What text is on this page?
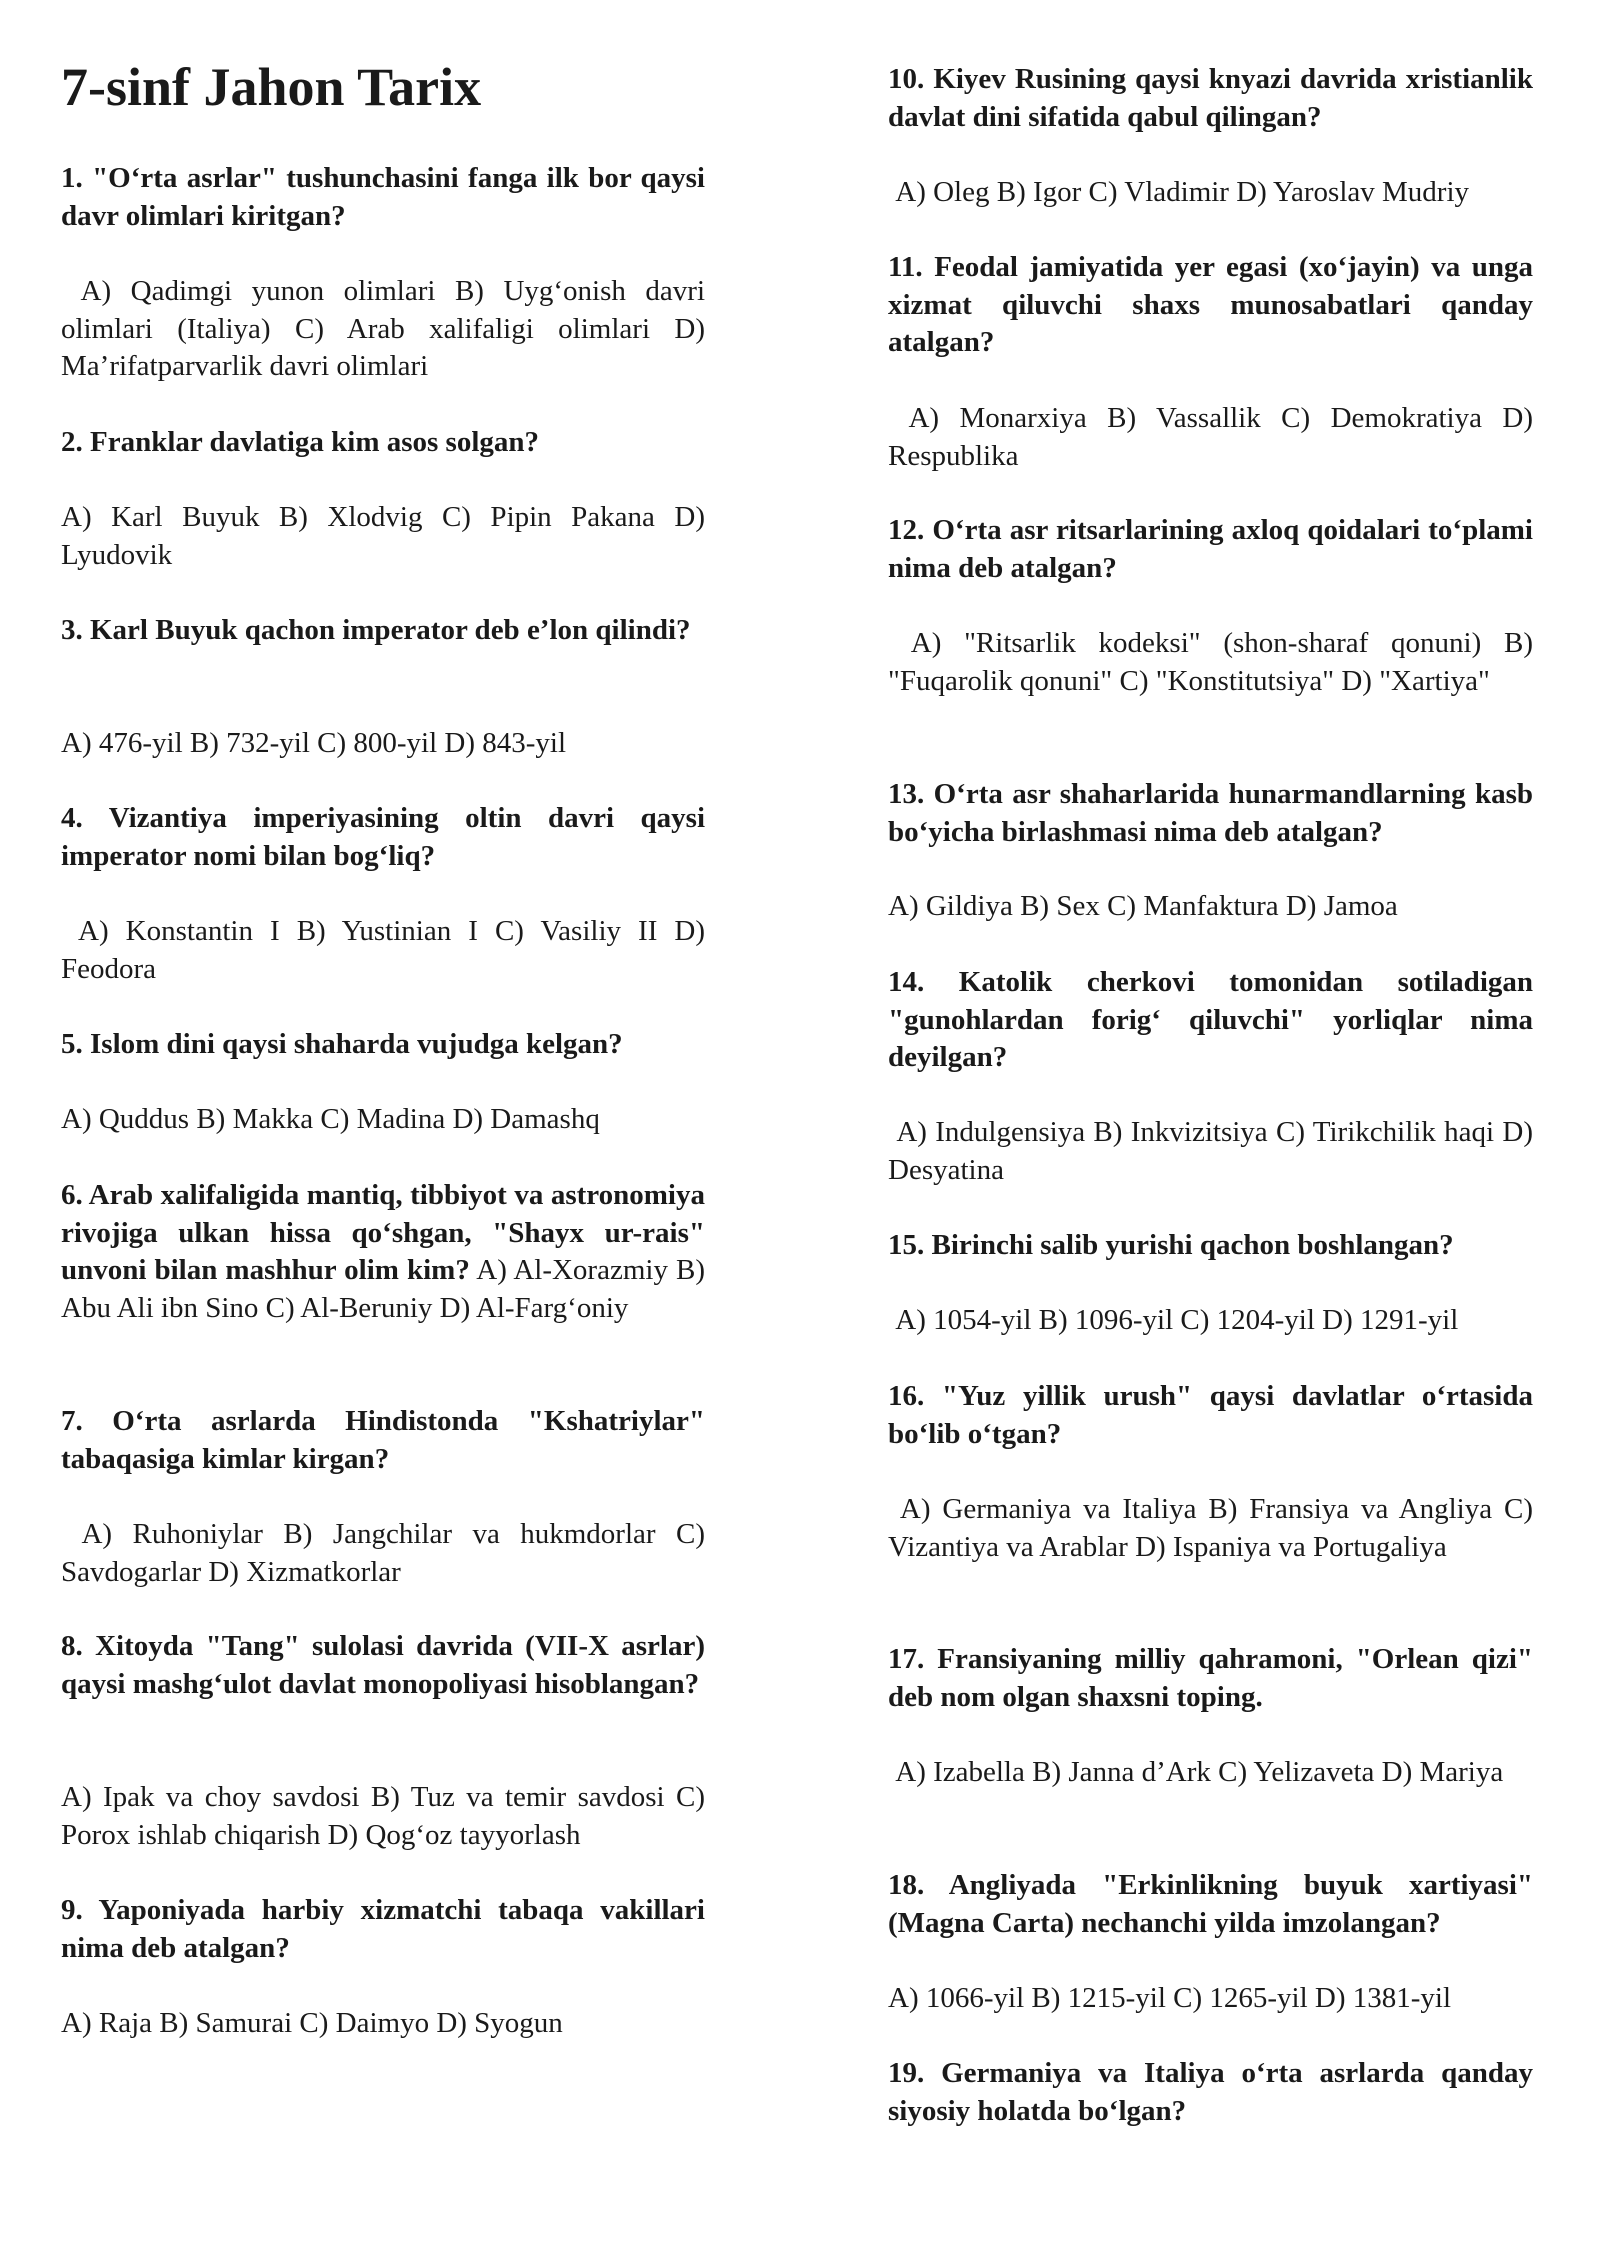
7-sinf Jahon Tarix
1. "O‘rta asrlar" tushunchasini fanga ilk bor qaysi davr olimlari kiritgan?
A) Qadimgi yunon olimlari B) Uyg‘onish davri olimlari (Italiya) C) Arab xalifaligi olimlari D) Ma’rifatparvarlik davri olimlari
2. Franklar davlatiga kim asos solgan?
A) Karl Buyuk B) Xlodvig C) Pipin Pakana D) Lyudovik
3. Karl Buyuk qachon imperator deb e’lon qilindi?
A) 476-yil B) 732-yil C) 800-yil D) 843-yil
4. Vizantiya imperiyasining oltin davri qaysi imperator nomi bilan bog‘liq?
A) Konstantin I B) Yustinian I C) Vasiliy II D) Feodora
5. Islom dini qaysi shaharda vujudga kelgan?
A) Quddus B) Makka C) Madina D) Damashq
6. Arab xalifaligida mantiq, tibbiyot va astronomiya rivojiga ulkan hissa qo‘shgan, "Shayx ur-rais" unvoni bilan mashhur olim kim? A) Al-Xorazmiy B) Abu Ali ibn Sino C) Al-Beruniy D) Al-Farg‘oniy
7. O‘rta asrlarda Hindistonda "Kshatriylar" tabaqasiga kimlar kirgan?
A) Ruhoniylar B) Jangchilar va hukmdorlar C) Savdogarlar D) Xizmatkorlar
8. Xitoyda "Tang" sulolasi davrida (VII-X asrlar) qaysi mashg‘ulot davlat monopoliyasi hisoblangan?
A) Ipak va choy savdosi B) Tuz va temir savdosi C) Porox ishlab chiqarish D) Qog‘oz tayyorlash
9. Yaponiyada harbiy xizmatchi tabaqa vakillari nima deb atalgan?
A) Raja B) Samurai C) Daimyo D) Syogun
10. Kiyev Rusining qaysi knyazi davrida xristianlik davlat dini sifatida qabul qilingan?
A) Oleg B) Igor C) Vladimir D) Yaroslav Mudriy
11. Feodal jamiyatida yer egasi (xo‘jayin) va unga xizmat qiluvchi shaxs munosabatlari qanday atalgan?
A) Monarxiya B) Vassallik C) Demokratiya D) Respublika
12. O‘rta asr ritsarlarining axloq qoidalari to‘plami nima deb atalgan?
A) "Ritsarlik kodeksi" (shon-sharaf qonuni) B) "Fuqarolik qonuni" C) "Konstitutsiya" D) "Xartiya"
13. O‘rta asr shaharlarida hunarmandlarning kasb bo‘yicha birlashmasi nima deb atalgan?
A) Gildiya B) Sex C) Manfaktura D) Jamoa
14. Katolik cherkovi tomonidan sotiladigan "gunohlardan forig‘ qiluvchi" yorliqlar nima deyilgan?
A) Indulgensiya B) Inkvizitsiya C) Tirikchilik haqi D) Desyatina
15. Birinchi salib yurishi qachon boshlangan?
A) 1054-yil B) 1096-yil C) 1204-yil D) 1291-yil
16. "Yuz yillik urush" qaysi davlatlar o‘rtasida bo‘lib o‘tgan?
A) Germaniya va Italiya B) Fransiya va Angliya C) Vizantiya va Arablar D) Ispaniya va Portugaliya
17. Fransiyaning milliy qahramoni, "Orlean qizi" deb nom olgan shaxsni toping.
A) Izabella B) Janna d’Ark C) Yelizaveta D) Mariya
18. Angliyada "Erkinlikning buyuk xartiyasi" (Magna Carta) nechanchi yilda imzolangan?
A) 1066-yil B) 1215-yil C) 1265-yil D) 1381-yil
19. Germaniya va Italiya o‘rta asrlarda qanday siyosiy holatda bo‘lgan?
